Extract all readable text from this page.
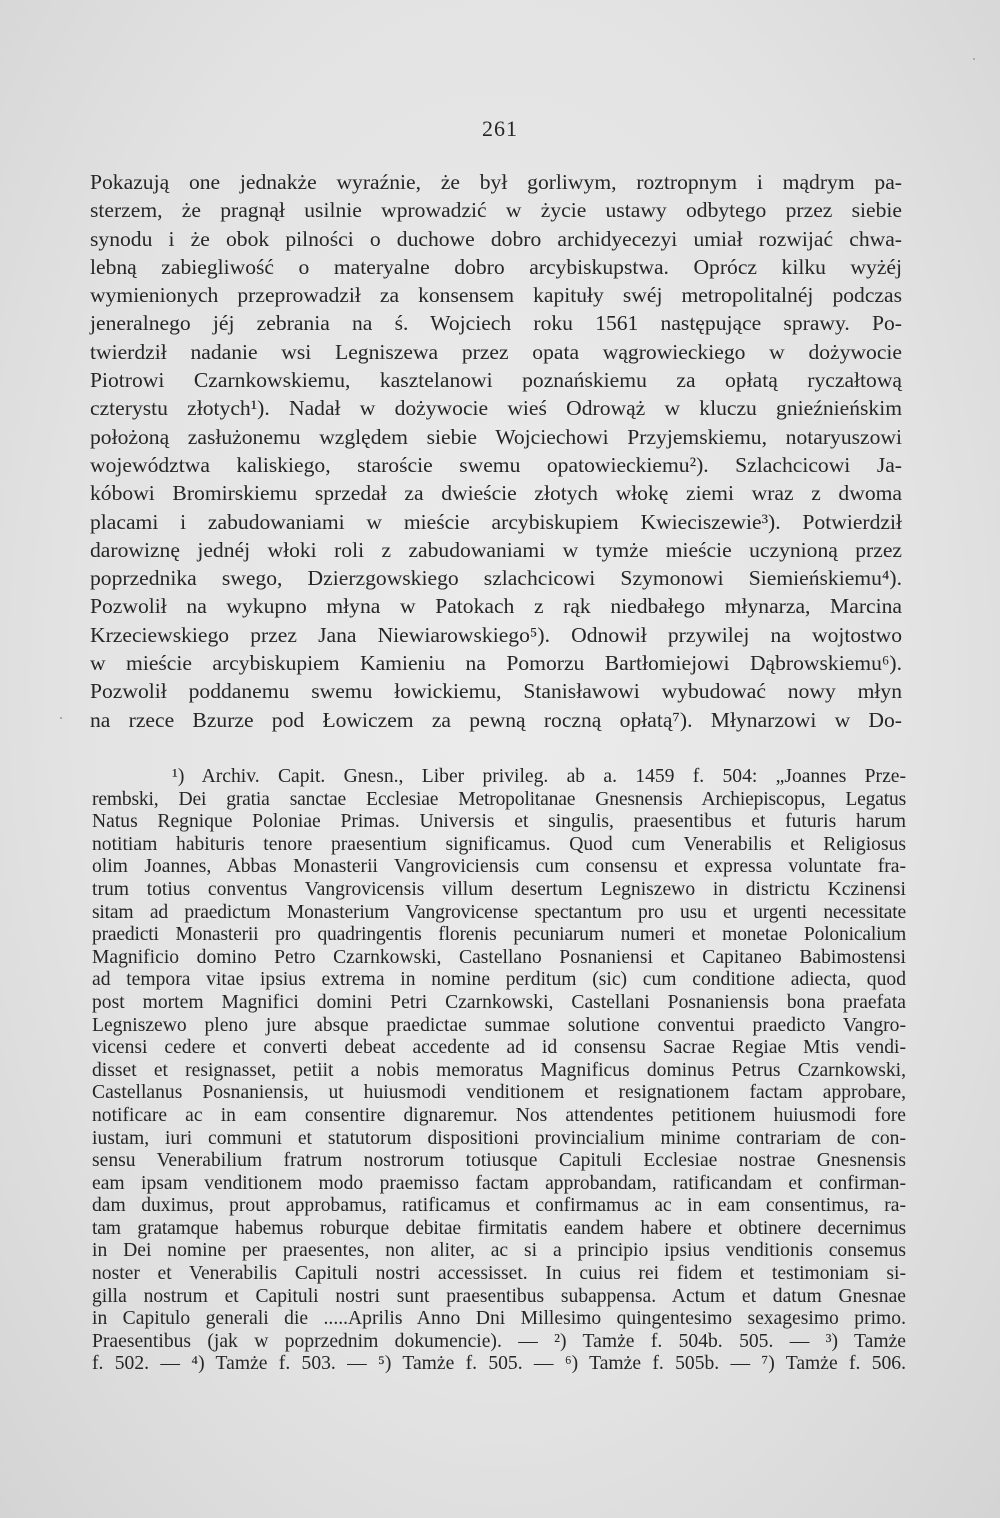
261
Pokazują one jednakże wyraźnie, że był gorliwym, roztropnym i mądrym pa-
sterzem, że pragnął usilnie wprowadzić w życie ustawy odbytego przez siebie
synodu i że obok pilności o duchowe dobro archidyecezyi umiał rozwijać chwa-
lebną zabiegliwość o materyalne dobro arcybiskupstwa. Oprócz kilku wyżéj
wymienionych przeprowadził za konsensem kapituły swéj metropolitalnéj podczas
jeneralnego jéj zebrania na ś. Wojciech roku 1561 następujące sprawy. Po-
twierdził nadanie wsi Legniszewa przez opata wągrowieckiego w dożywocie
Piotrowi Czarnkowskiemu, kasztelanowi poznańskiemu za opłatą ryczałtową
czterystu złotych¹). Nadał w dożywocie wieś Odrowąż w kluczu gnieźnieńskim
położoną zasłużonemu względem siebie Wojciechowi Przyjemskiemu, notaryuszowi
województwa kaliskiego, staroście swemu opatowieckiemu²). Szlachcicowi Ja-
kóbowi Bromirskiemu sprzedał za dwieście złotych włokę ziemi wraz z dwoma
placami i zabudowaniami w mieście arcybiskupiem Kwieciszewie³). Potwierdził
darowiznę jednéj włoki roli z zabudowaniami w tymże mieście uczynioną przez
poprzednika swego, Dzierzgowskiego szlachcicowi Szymonowi Siemieńskiemu⁴).
Pozwolił na wykupno młyna w Patokach z rąk niedbałego młynarza, Marcina
Krzeciewskiego przez Jana Niewiarowskiego⁵). Odnowił przywilej na wojtostwo
w mieście arcybiskupiem Kamieniu na Pomorzu Bartłomiejowi Dąbrowskiemu⁶).
Pozwolił poddanemu swemu łowickiemu, Stanisławowi wybudować nowy młyn
na rzece Bzurze pod Łowiczem za pewną roczną opłatą⁷). Młynarzowi w Do-
¹) Archiv. Capit. Gnesn., Liber privileg. ab a. 1459 f. 504: „Joannes Prze-
rembski, Dei gratia sanctae Ecclesiae Metropolitanae Gnesnensis Archiepiscopus, Legatus
Natus Regnique Poloniae Primas. Universis et singulis, praesentibus et futuris harum
notitiam habituris tenore praesentium significamus. Quod cum Venerabilis et Religiosus
olim Joannes, Abbas Monasterii Vangroviciensis cum consensu et expressa voluntate fra-
trum totius conventus Vangrovicensis villum desertum Legniszewo in districtu Kczinensi
sitam ad praedictum Monasterium Vangrovicense spectantum pro usu et urgenti necessitate
praedicti Monasterii pro quadringentis florenis pecuniarum numeri et monetae Polonicalium
Magnificio domino Petro Czarnkowski, Castellano Posnaniensi et Capitaneo Babimostensi
ad tempora vitae ipsius extrema in nomine perditum (sic) cum conditione adiecta, quod
post mortem Magnifici domini Petri Czarnkowski, Castellani Posnaniensis bona praefata
Legniszewo pleno jure absque praedictae summae solutione conventui praedicto Vangro-
vicensi cedere et converti debeat accedente ad id consensu Sacrae Regiae Mtis vendi-
disset et resignasset, petiit a nobis memoratus Magnificus dominus Petrus Czarnkowski,
Castellanus Posnaniensis, ut huiusmodi venditionem et resignationem factam approbare,
notificare ac in eam consentire dignaremur. Nos attendentes petitionem huiusmodi fore
iustam, iuri communi et statutorum dispositioni provincialium minime contrariam de con-
sensu Venerabilium fratrum nostrorum totiusque Capituli Ecclesiae nostrae Gnesnensis
eam ipsam venditionem modo praemisso factam approbandam, ratificandam et confirman-
dam duximus, prout approbamus, ratificamus et confirmamus ac in eam consentimus, ra-
tam gratamque habemus roburque debitae firmitatis eandem habere et obtinere decernimus
in Dei nomine per praesentes, non aliter, ac si a principio ipsius venditionis consemus
noster et Venerabilis Capituli nostri accessisset. In cuius rei fidem et testimoniam si-
gilla nostrum et Capituli nostri sunt praesentibus subappensa. Actum et datum Gnesnae
in Capitulo generali die .....Aprilis Anno Dni Millesimo quingentesimo sexagesimo primo.
Praesentibus (jak w poprzednim dokumencie). — ²) Tamże f. 504b. 505. — ³) Tamże
f. 502. — ⁴) Tamże f. 503. — ⁵) Tamże f. 505. — ⁶) Tamże f. 505b. — ⁷) Tamże f. 506.
